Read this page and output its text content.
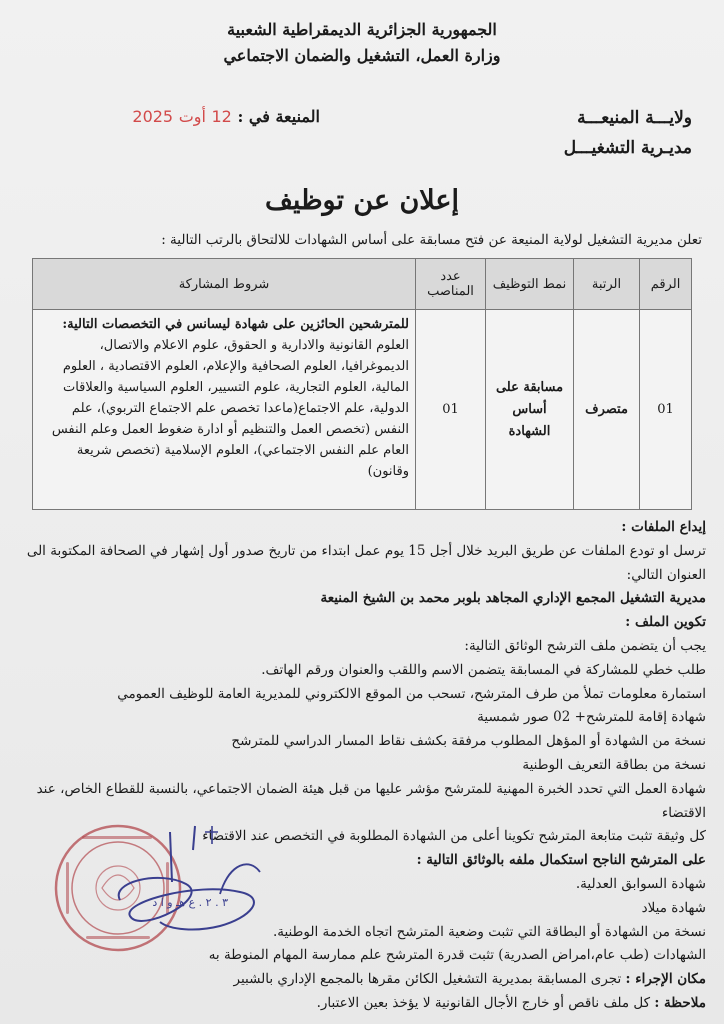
الجمهورية الجزائرية الديمقراطية الشعبية
وزارة العمل، التشغيل والضمان الاجتماعي
المنيعة في : 12 أوت 2025	ولايـــة المنيعـــة
مديـرية التشغيـــل
إعلان عن توظيف
تعلن مديرية التشغيل لولاية المنيعة عن فتح مسابقة على أساس الشهادات للالتحاق بالرتب التالية :
الرقم	الرتبة	نمط التوظيف	عدد المناصب	شروط المشاركة
01	متصرف	مسابقة على أساس الشهادة	01	للمترشحين الحائزين على شهادة ليسانس في التخصصات التالية:
العلوم القانونية والادارية و الحقوق، علوم الاعلام والاتصال، الديموغرافيا، العلوم الصحافية والإعلام، العلوم الاقتصادية ، العلوم المالية، العلوم التجارية، علوم التسيير، العلوم السياسية والعلاقات الدولية، علم الاجتماع(ماعدا تخصص علم الاجتماع التربوي)، علم النفس (تخصص العمل والتنظيم أو ادارة ضغوط العمل وعلم النفس العام علم النفس الاجتماعي)، العلوم الإسلامية (تخصص شريعة وقانون)
إيداع الملفات :
ترسل او تودع الملفات عن طريق البريد خلال أجل 15 يوم عمل ابتداء من تاريخ صدور أول إشهار في الصحافة المكتوبة الى العنوان التالي:
مديرية التشغيل المجمع الإداري المجاهد بلوبر محمد بن الشيخ المنيعة
تكوين الملف :
يجب أن يتضمن ملف الترشح الوثائق التالية:
طلب خطي للمشاركة في المسابقة يتضمن الاسم واللقب والعنوان ورقم الهاتف.
استمارة معلومات تملأ من طرف المترشح، تسحب من الموقع الالكتروني للمديرية العامة للوظيف العمومي
شهادة إقامة للمترشح+ 02 صور شمسية
نسخة من الشهادة أو المؤهل المطلوب مرفقة بكشف نقاط المسار الدراسي للمترشح
نسخة من بطاقة التعريف الوطنية
شهادة العمل التي تحدد الخبرة المهنية للمترشح مؤشر عليها من قبل هيئة الضمان الاجتماعي، بالنسبة للقطاع الخاص، عند الاقتضاء
كل وثيقة تثبت متابعة المترشح تكوينا أعلى من الشهادة المطلوبة في التخصص عند الاقتضاء
على المترشح الناجح استكمال ملفه بالوثائق التالية :
شهادة السوابق العدلية.
شهادة ميلاد
نسخة من الشهادة أو البطاقة التي تثبت وضعية المترشح اتجاه الخدمة الوطنية.
الشهادات (طب عام،امراض الصدرية) تثبت قدرة المترشح علم ممارسة المهام المنوطة به
مكان الإجراء : تجرى المسابقة بمديرية التشغيل الكائن مقرها بالمجمع الإداري بالشبير
ملاحظة : كل ملف ناقص أو خارج الأجال القانونية لا يؤخذ بعين الاعتبار.
٣ . ٢ . ع هـ و ا د
